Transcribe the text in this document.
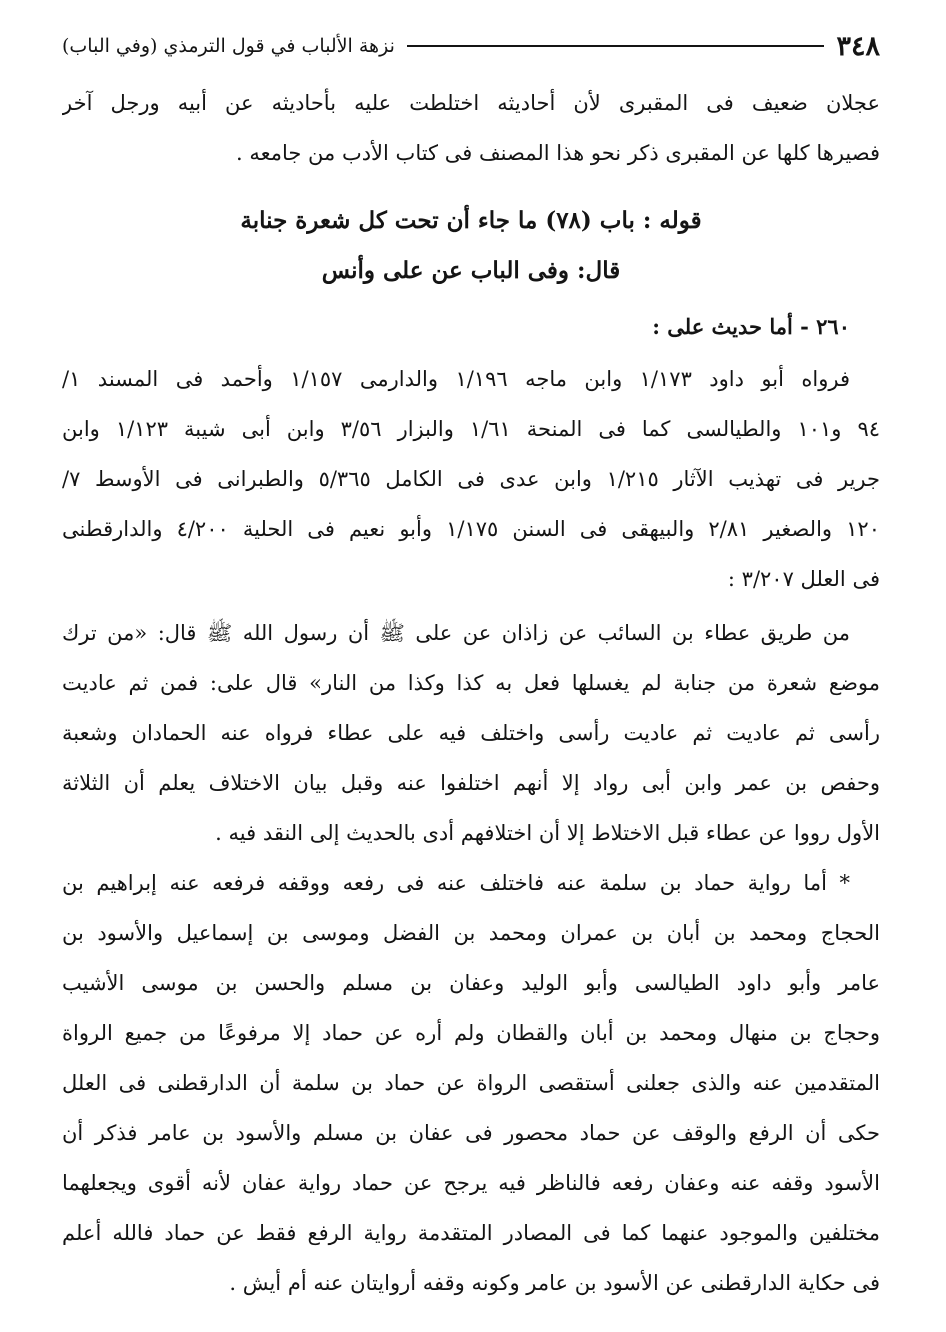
٣٤٨
نزهة الألباب في قول الترمذي (وفي الباب)
عجلان ضعيف فى المقبرى لأن أحاديثه اختلطت عليه بأحاديثه عن أبيه ورجل آخر
فصيرها كلها عن المقبرى ذكر نحو هذا المصنف فى كتاب الأدب من جامعه .
قوله : باب (٧٨) ما جاء أن تحت كل شعرة جنابة
قال: وفى الباب عن على وأنس
٢٦٠ - أما حديث على :
فرواه أبو داود ١/١٧٣ وابن ماجه ١/١٩٦ والدارمى ١/١٥٧ وأحمد فى المسند ١/
٩٤ و١٠١ والطيالسى كما فى المنحة ١/٦١ والبزار ٣/٥٦ وابن أبى شيبة ١/١٢٣ وابن
جرير فى تهذيب الآثار ١/٢١٥ وابن عدى فى الكامل ٥/٣٦٥ والطبرانى فى الأوسط ٧/
١٢٠ والصغير ٢/٨١ والبيهقى فى السنن ١/١٧٥ وأبو نعيم فى الحلية ٤/٢٠٠ والدارقطنى
فى العلل ٣/٢٠٧ :
من طريق عطاء بن السائب عن زاذان عن على ﷺ أن رسول الله ﷺ قال: «من ترك
موضع شعرة من جنابة لم يغسلها فعل به كذا وكذا من النار» قال على: فمن ثم عاديت
رأسى ثم عاديت ثم عاديت رأسى واختلف فيه على عطاء فرواه عنه الحمادان وشعبة
وحفص بن عمر وابن أبى رواد إلا أنهم اختلفوا عنه وقبل بيان الاختلاف يعلم أن الثلاثة
الأول رووا عن عطاء قبل الاختلاط إلا أن اختلافهم أدى بالحديث إلى النقد فيه .
* أما رواية حماد بن سلمة عنه فاختلف عنه فى رفعه ووقفه فرفعه عنه إبراهيم بن
الحجاج ومحمد بن أبان بن عمران ومحمد بن الفضل وموسى بن إسماعيل والأسود بن
عامر وأبو داود الطيالسى وأبو الوليد وعفان بن مسلم والحسن بن موسى الأشيب
وحجاج بن منهال ومحمد بن أبان والقطان ولم أره عن حماد إلا مرفوعًا من جميع الرواة
المتقدمين عنه والذى جعلنى أستقصى الرواة عن حماد بن سلمة أن الدارقطنى فى العلل
حكى أن الرفع والوقف عن حماد محصور فى عفان بن مسلم والأسود بن عامر فذكر أن
الأسود وقفه عنه وعفان رفعه فالناظر فيه يرجح عن حماد رواية عفان لأنه أقوى ويجعلهما
مختلفين والموجود عنهما كما فى المصادر المتقدمة رواية الرفع فقط عن حماد فالله أعلم
فى حكاية الدارقطنى عن الأسود بن عامر وكونه وقفه أروايتان عنه أم أيش .
